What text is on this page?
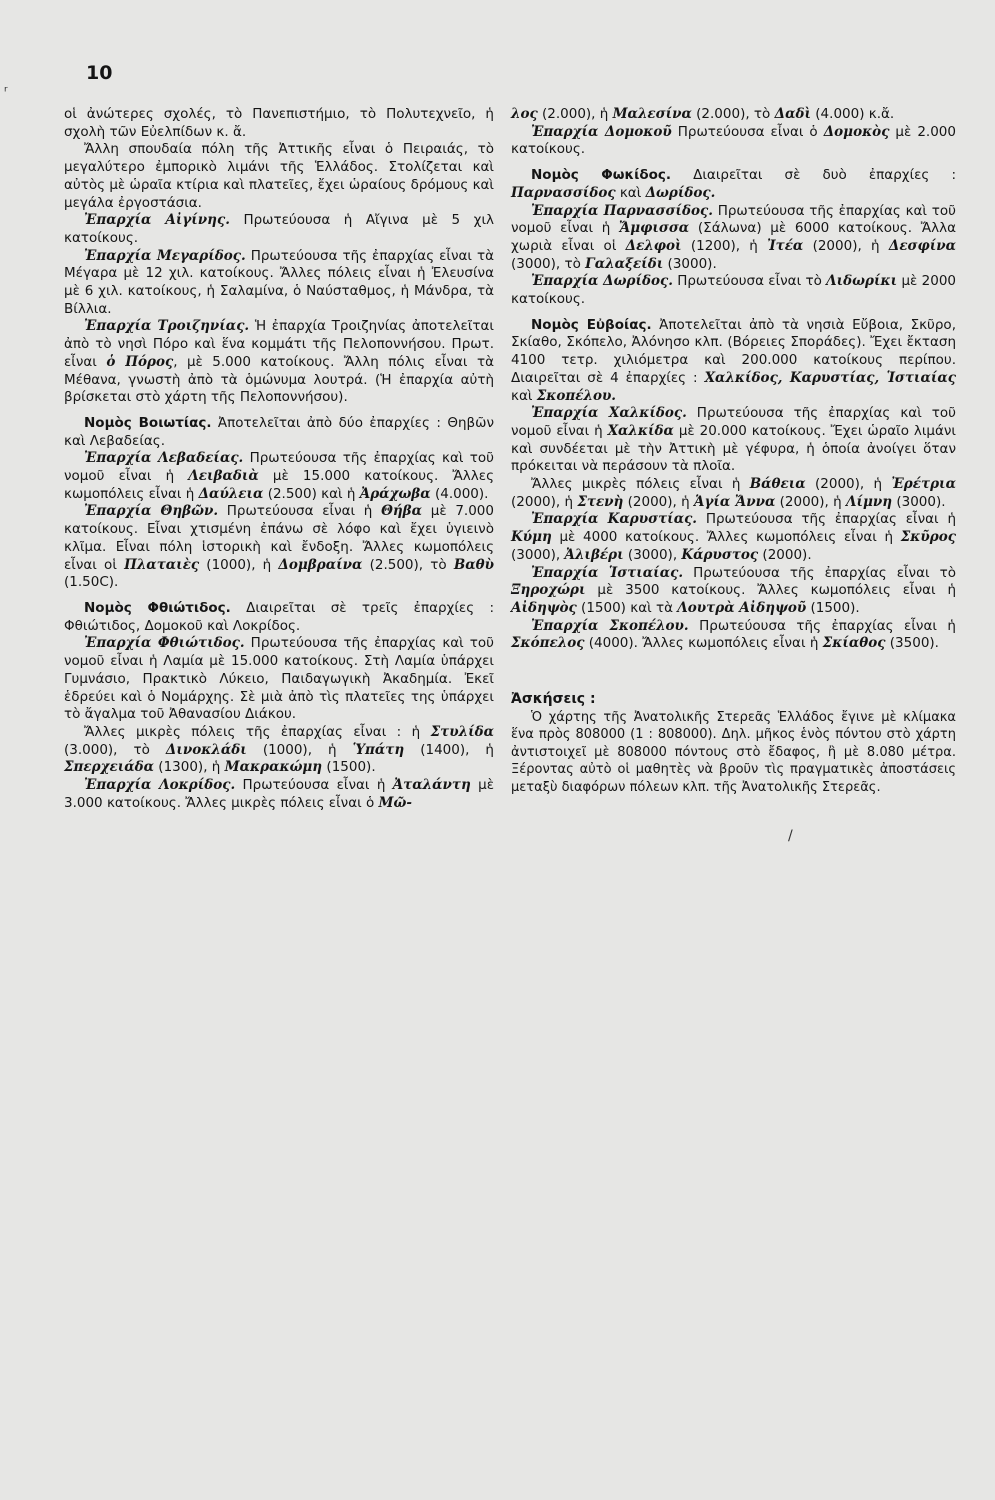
10

οἱ ἀνώτερες σχολές, τὸ Πανεπιστήμιο, τὸ Πολυτεχνεῖο, ἡ σχολὴ τῶν Εὐελπίδων κ. ἄ.

Ἄλλη σπουδαία πόλη τῆς Ἀττικῆς εἶναι ὁ Πειραιάς, τὸ μεγαλύτερο ἐμπορικὸ λιμάνι τῆς Ἑλλάδος. Στολίζεται καὶ αὐτὸς μὲ ὡραῖα κτίρια καὶ πλατεῖες, ἔχει ὡραίους δρόμους καὶ μεγάλα ἐργοστάσια.

Ἐπαρχία Αἰγίνης. Πρωτεύουσα ἡ Αἴγινα μὲ 5 χιλ κατοίκους.

Ἐπαρχία Μεγαρίδος. Πρωτεύουσα τῆς ἐπαρχίας εἶναι τὰ Μέγαρα μὲ 12 χιλ. κατοίκους. Ἄλλες πόλεις εἶναι ἡ Ἐλευσίνα μὲ 6 χιλ. κατοίκους, ἡ Σαλαμίνα, ὁ Ναύσταθμος, ἡ Μάνδρα, τὰ Βίλλια.

Ἐπαρχία Τροιζηνίας. Ἡ ἐπαρχία Τροιζηνίας ἀποτελεῖται ἀπὸ τὸ νησὶ Πόρο καὶ ἕνα κομμάτι τῆς Πελοποννήσου. Πρωτ. εἶναι ὁ Πόρος, μὲ 5.000 κατοίκους. Ἄλλη πόλις εἶναι τὰ Μέθανα, γνωστὴ ἀπὸ τὰ ὁμώνυμα λουτρά. (Ἡ ἐπαρχία αὐτὴ βρίσκεται στὸ χάρτη τῆς Πελοποννήσου).

Νομὸς Βοιωτίας. Ἀποτελεῖται ἀπὸ δύο ἐπαρχίες : Θηβῶν καὶ Λεβαδείας.

Ἐπαρχία Λεβαδείας. Πρωτεύουσα τῆς ἐπαρχίας καὶ τοῦ νομοῦ εἶναι ἡ Λειβαδιὰ μὲ 15.000 κατοίκους. Ἄλλες κωμοπόλεις εἶναι ἡ Δαύλεια (2.500) καὶ ἡ Ἀράχωβα (4.000).

Ἐπαρχία Θηβῶν. Πρωτεύουσα εἶναι ἡ Θήβα μὲ 7.000 κατοίκους. Εἶναι χτισμένη ἐπάνω σὲ λόφο καὶ ἔχει ὑγιεινὸ κλῖμα. Εἶναι πόλη ἱστορικὴ καὶ ἔνδοξη. Ἄλλες κωμοπόλεις εἶναι οἱ Πλαταιὲς (1000), ἡ Δομβραίνα (2.500), τὸ Βαθὺ (1.50C).

Νομὸς Φθιώτιδος. Διαιρεῖται σὲ τρεῖς ἐπαρχίες : Φθιώτιδος, Δομοκοῦ καὶ Λοκρίδος.

Ἐπαρχία Φθιώτιδος. Πρωτεύουσα τῆς ἐπαρχίας καὶ τοῦ νομοῦ εἶναι ἡ Λαμία μὲ 15.000 κατοίκους. Στὴ Λαμία ὑπάρχει Γυμνάσιο, Πρακτικὸ Λύκειο, Παιδαγωγικὴ Ἀκαδημία. Ἐκεῖ ἑδρεύει καὶ ὁ Νομάρχης. Σὲ μιὰ ἀπὸ τὶς πλατεῖες της ὑπάρχει τὸ ἄγαλμα τοῦ Ἀθανασίου Διάκου.

Ἄλλες μικρὲς πόλεις τῆς ἐπαρχίας εἶναι : ἡ Στυλίδα (3.000), τὸ Δινοκλάδι (1000), ἡ Ὑπάτη (1400), ἡ Σπερχειάδα (1300), ἡ Μακρακώμη (1500).

Ἐπαρχία Λοκρίδος. Πρωτεύουσα εἶναι ἡ Ἀταλάντη μὲ 3.000 κατοίκους. Ἄλλες μικρὲς πόλεις εἶναι ὁ Μῶ-

λος (2.000), ἡ Μαλεσίνα (2.000), τὸ Δαδὶ (4.000) κ.ἄ.

Ἐπαρχία Δομοκοῦ Πρωτεύουσα εἶναι ὁ Δομοκὸς μὲ 2.000 κατοίκους.

Νομὸς Φωκίδος. Διαιρεῖται σὲ δυὸ ἐπαρχίες : Παρνασσίδος καὶ Δωρίδος.

Ἐπαρχία Παρνασσίδος. Πρωτεύουσα τῆς ἐπαρχίας καὶ τοῦ νομοῦ εἶναι ἡ Ἄμφισσα (Σάλωνα) μὲ 6000 κατοίκους. Ἄλλα χωριὰ εἶναι οἱ Δελφοὶ (1200), ἡ Ἰτέα (2000), ἡ Δεσφίνα (3000), τὸ Γαλαξείδι (3000).

Ἐπαρχία Δωρίδος. Πρωτεύουσα εἶναι τὸ Λιδωρίκι μὲ 2000 κατοίκους.

Νομὸς Εὐβοίας. Ἀποτελεῖται ἀπὸ τὰ νησιὰ Εὔβοια, Σκῦρο, Σκίαθο, Σκόπελο, Ἀλόνησο κλπ. (Βόρειες Σποράδες). Ἔχει ἔκταση 4100 τετρ. χιλιόμετρα καὶ 200.000 κατοίκους περίπου. Διαιρεῖται σὲ 4 ἐπαρχίες : Χαλκίδος, Καρυστίας, Ἱστιαίας καὶ Σκοπέλου.

Ἐπαρχία Χαλκίδος. Πρωτεύουσα τῆς ἐπαρχίας καὶ τοῦ νομοῦ εἶναι ἡ Χαλκίδα μὲ 20.000 κατοίκους. Ἔχει ὡραῖο λιμάνι καὶ συνδέεται μὲ τὴν Ἀττικὴ μὲ γέφυρα, ἡ ὁποία ἀνοίγει ὅταν πρόκειται νὰ περάσουν τὰ πλοῖα.

Ἄλλες μικρὲς πόλεις εἶναι ἡ Βάθεια (2000), ἡ Ἐρέτρια (2000), ἡ Στενὴ (2000), ἡ Ἁγία Ἄννα (2000), ἡ Λίμνη (3000).

Ἐπαρχία Καρυστίας. Πρωτεύουσα τῆς ἐπαρχίας εἶναι ἡ Κύμη μὲ 4000 κατοίκους. Ἄλλες κωμοπόλεις εἶναι ἡ Σκῦρος (3000), Ἀλιβέρι (3000), Κάρυστος (2000).

Ἐπαρχία Ἱστιαίας. Πρωτεύουσα τῆς ἐπαρχίας εἶναι τὸ Ξηροχώρι μὲ 3500 κατοίκους. Ἄλλες κωμοπόλεις εἶναι ἡ Αἰδηψὸς (1500) καὶ τὰ Λουτρὰ Αἰδηψοῦ (1500).

Ἐπαρχία Σκοπέλου. Πρωτεύουσα τῆς ἐπαρχίας εἶναι ἡ Σκόπελος (4000). Ἄλλες κωμοπόλεις εἶναι ἡ Σκίαθος (3500).

Ἀσκήσεις :

Ὁ χάρτης τῆς Ἀνατολικῆς Στερεᾶς Ἑλλάδος ἔγινε μὲ κλίμακα ἕνα πρὸς 808000 (1 : 808000). Δηλ. μῆκος ἑνὸς πόντου στὸ χάρτη ἀντιστοιχεῖ μὲ 808000 πόντους στὸ ἔδαφος, ἢ μὲ 8.080 μέτρα. Ξέροντας αὐτὸ οἱ μαθητὲς νὰ βροῦν τὶς πραγματικὲς ἀποστάσεις μεταξὺ διαφόρων πόλεων κλπ. τῆς Ἀνατολικῆς Στερεᾶς.

ʳ
/
